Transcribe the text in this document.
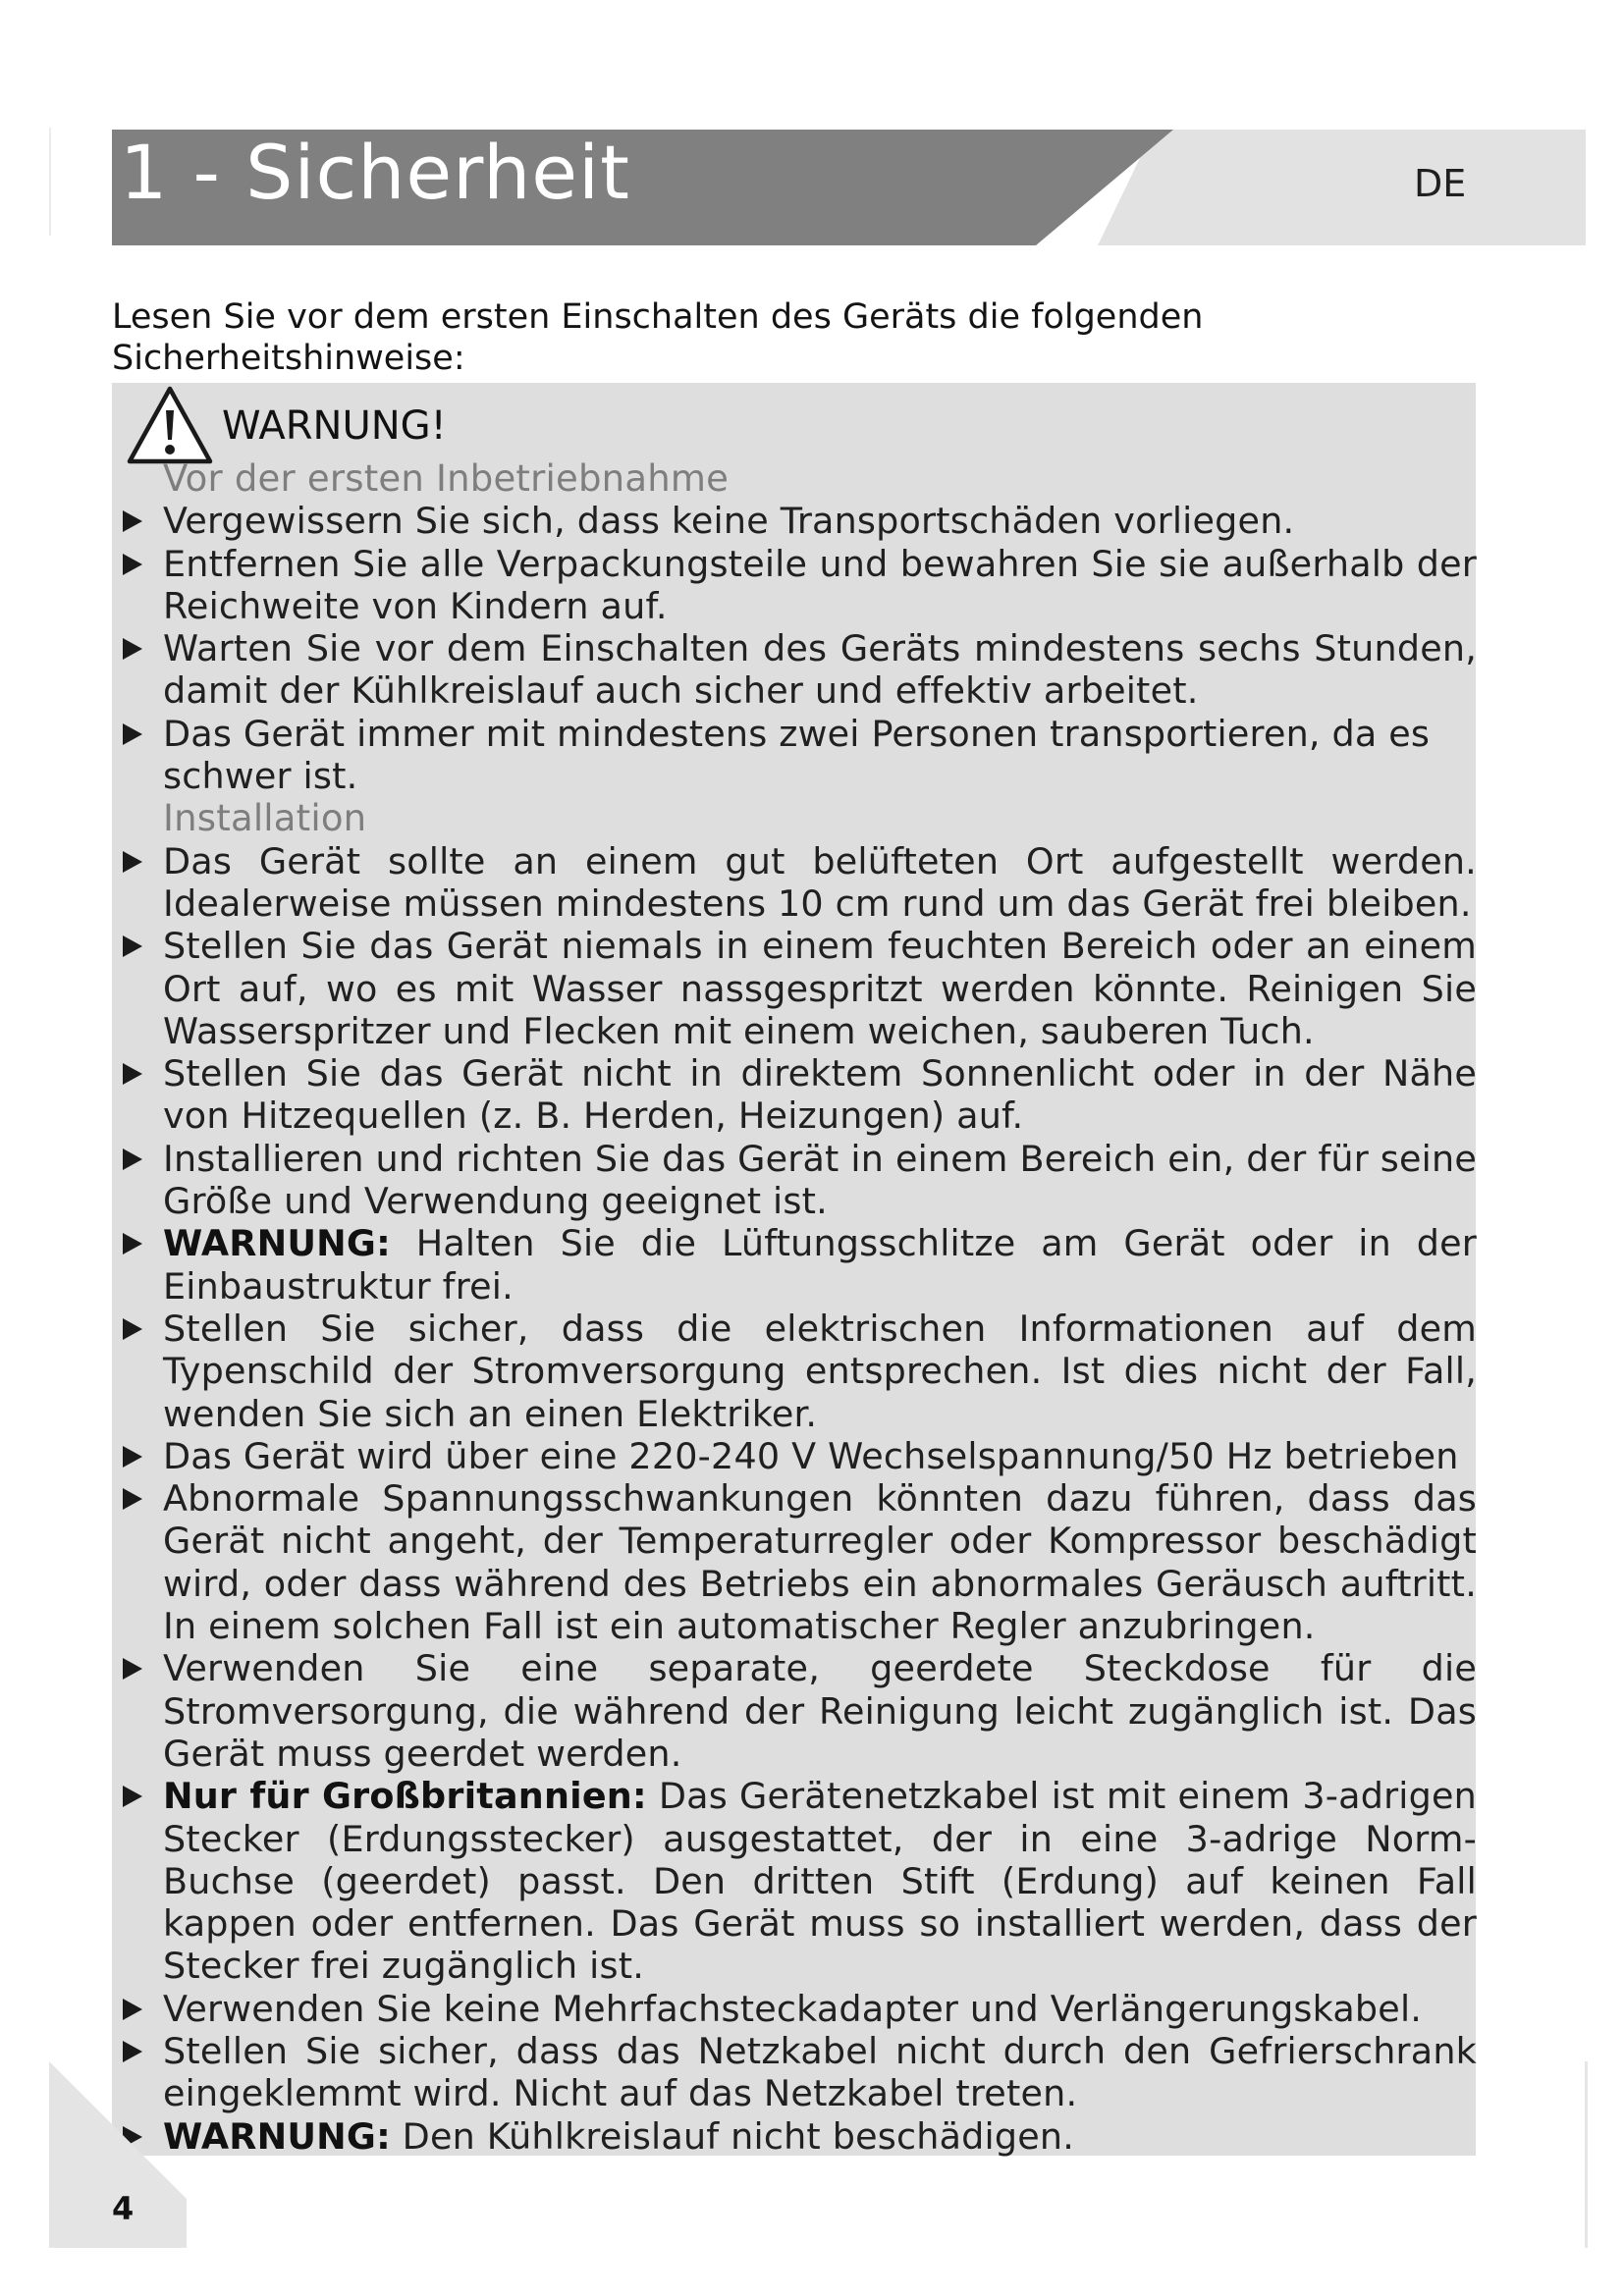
1 - Sicherheit	DE
Lesen Sie vor dem ersten Einschalten des Geräts die folgenden Sicherheitshinweise:
WARNUNG!
Vor der ersten Inbetriebnahme
Vergewissern Sie sich, dass keine Transportschäden vorliegen.
Entfernen Sie alle Verpackungsteile und bewahren Sie sie außerhalb der Reichweite von Kindern auf.
Warten Sie vor dem Einschalten des Geräts mindestens sechs Stunden, damit der Kühlkreislauf auch sicher und effektiv arbeitet.
Das Gerät immer mit mindestens zwei Personen transportieren, da es schwer ist.
Installation
Das Gerät sollte an einem gut belüfteten Ort aufgestellt werden. Idealerweise müssen mindestens 10 cm rund um das Gerät frei bleiben.
Stellen Sie das Gerät niemals in einem feuchten Bereich oder an einem Ort auf, wo es mit Wasser nassgespritzt werden könnte. Reinigen Sie Wasserspritzer und Flecken mit einem weichen, sauberen Tuch.
Stellen Sie das Gerät nicht in direktem Sonnenlicht oder in der Nähe von Hitzequellen (z. B. Herden, Heizungen) auf.
Installieren und richten Sie das Gerät in einem Bereich ein, der für seine Größe und Verwendung geeignet ist.
WARNUNG: Halten Sie die Lüftungsschlitze am Gerät oder in der Einbaustruktur frei.
Stellen Sie sicher, dass die elektrischen Informationen auf dem Typenschild der Stromversorgung entsprechen. Ist dies nicht der Fall, wenden Sie sich an einen Elektriker.
Das Gerät wird über eine 220-240 V Wechselspannung/50 Hz betrieben
Abnormale Spannungsschwankungen könnten dazu führen, dass das Gerät nicht angeht, der Temperaturregler oder Kompressor beschädigt wird, oder dass während des Betriebs ein abnormales Geräusch auftritt. In einem solchen Fall ist ein automatischer Regler anzubringen.
Verwenden Sie eine separate, geerdete Steckdose für die Stromversorgung, die während der Reinigung leicht zugänglich ist. Das Gerät muss geerdet werden.
Nur für Großbritannien: Das Gerätenetzkabel ist mit einem 3-adrigen Stecker (Erdungsstecker) ausgestattet, der in eine 3-adrige Norm-Buchse (geerdet) passt. Den dritten Stift (Erdung) auf keinen Fall kappen oder entfernen. Das Gerät muss so installiert werden, dass der Stecker frei zugänglich ist.
Verwenden Sie keine Mehrfachsteckadapter und Verlängerungskabel.
Stellen Sie sicher, dass das Netzkabel nicht durch den Gefrierschrank eingeklemmt wird. Nicht auf das Netzkabel treten.
WARNUNG: Den Kühlkreislauf nicht beschädigen.
4
